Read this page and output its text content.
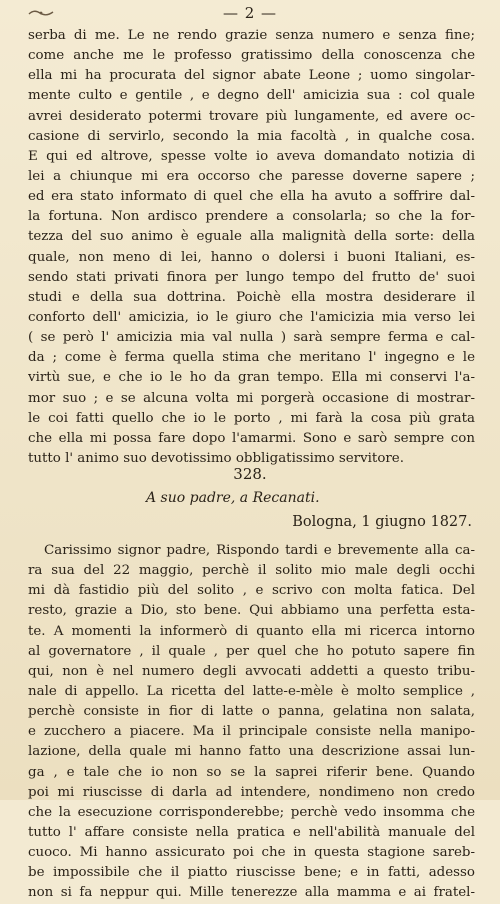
— 2 —
serba di me. Le ne rendo grazie senza numero e senza fine;
come anche me le professo gratissimo della conoscenza che
ella mi ha procurata del signor abate Leone ; uomo singolar-
mente culto e gentile , e degno dell' amicizia sua : col quale
avrei desiderato potermi trovare più lungamente, ed avere oc-
casione di servirlo, secondo la mia facoltà , in qualche cosa.
E qui ed altrove, spesse volte io aveva domandato notizia di
lei a chiunque mi era occorso che paresse doverne sapere ;
ed era stato informato di quel che ella ha avuto a soffrire dal-
la fortuna. Non ardisco prendere a consolarla; so che la for-
tezza del suo animo è eguale alla malignità della sorte: della
quale, non meno di lei, hanno o dolersi i buoni Italiani, es-
sendo stati privati finora per lungo tempo del frutto de' suoi
studi e della sua dottrina. Poichè ella mostra desiderare il
conforto dell' amicizia, io le giuro che l'amicizia mia verso lei
( se però l' amicizia mia val nulla ) sarà sempre ferma e cal-
da ; come è ferma quella stima che meritano l' ingegno e le
virtù sue, e che io le ho da gran tempo. Ella mi conservi l'a-
mor suo ; e se alcuna volta mi porgerà occasione di mostrar-
le coi fatti quello che io le porto , mi farà la cosa più grata
che ella mi possa fare dopo l'amarmi. Sono e sarò sempre con
tutto l' animo suo devotissimo obbligatissimo servitore.
328.
A suo padre, a Recanati.
Bologna, 1 giugno 1827.
Carissimo signor padre, Rispondo tardi e brevemente alla ca-
ra sua del 22 maggio, perchè il solito mio male degli occhi
mi dà fastidio più del solito , e scrivo con molta fatica. Del
resto, grazie a Dio, sto bene. Qui abbiamo una perfetta esta-
te. A momenti la informerò di quanto ella mi ricerca intorno
al governatore , il quale , per quel che ho potuto sapere fin
qui, non è nel numero degli avvocati addetti a questo tribu-
nale di appello. La ricetta del latte-e-mèle è molto semplice ,
perchè consiste in fior di latte o panna, gelatina non salata,
e zucchero a piacere. Ma il principale consiste nella manipo-
lazione, della quale mi hanno fatto una descrizione assai lun-
ga , e tale che io non so se la saprei riferir bene. Quando
poi mi riuscisse di darla ad intendere, nondimeno non credo
che la esecuzione corrisponderebbe; perchè vedo insomma che
tutto l' affare consiste nella pratica e nell'abilità manuale del
cuoco. Mi hanno assicurato poi che in questa stagione sareb-
be impossibile che il piatto riuscisse bene; e in fatti, adesso
non si fa neppur qui. Mille tenerezze alla mamma e ai fratel-
